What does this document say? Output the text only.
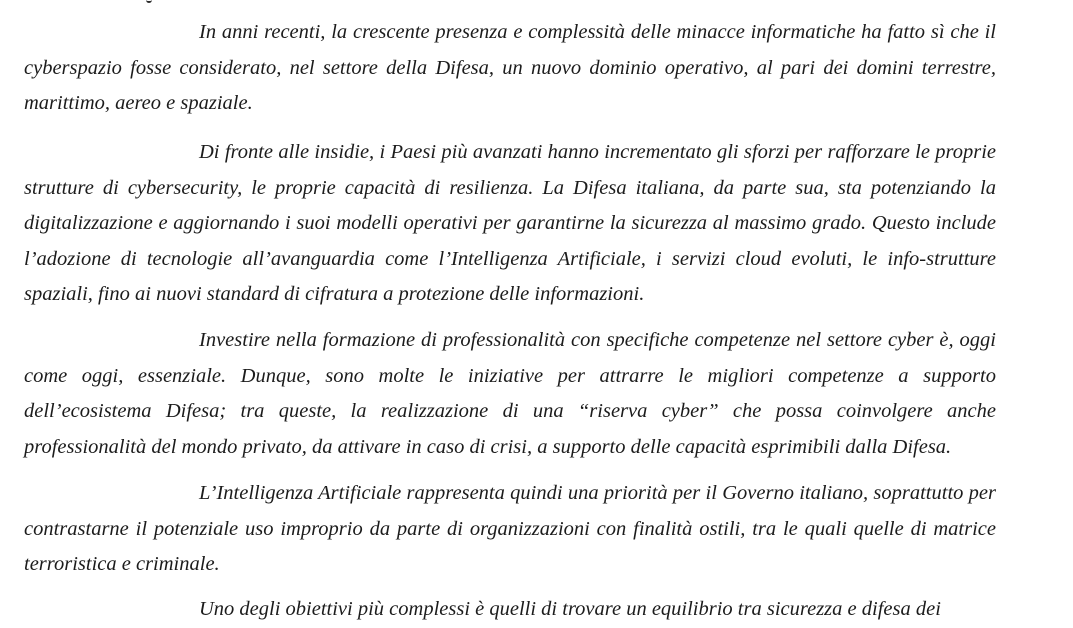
In anni recenti, la crescente presenza e complessità delle minacce informatiche ha fatto sì che il cyberspazio fosse considerato, nel settore della Difesa, un nuovo dominio operativo, al pari dei domini terrestre, marittimo, aereo e spaziale.

Di fronte alle insidie, i Paesi più avanzati hanno incrementato gli sforzi per rafforzare le proprie strutture di cybersecurity, le proprie capacità di resilienza. La Difesa italiana, da parte sua, sta potenziando la digitalizzazione e aggiornando i suoi modelli operativi per garantirne la sicurezza al massimo grado. Questo include l’adozione di tecnologie all’avanguardia come l’Intelligenza Artificiale, i servizi cloud evoluti, le info-strutture spaziali, fino ai nuovi standard di cifratura a protezione delle informazioni.

Investire nella formazione di professionalità con specifiche competenze nel settore cyber è, oggi come oggi, essenziale. Dunque, sono molte le iniziative per attrarre le migliori competenze a supporto dell’ecosistema Difesa; tra queste, la realizzazione di una “riserva cyber” che possa coinvolgere anche professionalità del mondo privato, da attivare in caso di crisi, a supporto delle capacità esprimibili dalla Difesa.

L’Intelligenza Artificiale rappresenta quindi una priorità per il Governo italiano, soprattutto per contrastarne il potenziale uso improprio da parte di organizzazioni con finalità ostili, tra le quali quelle di matrice terroristica e criminale.

Uno degli obiettivi più complessi è quelli di trovare un equilibrio tra sicurezza e difesa dei
